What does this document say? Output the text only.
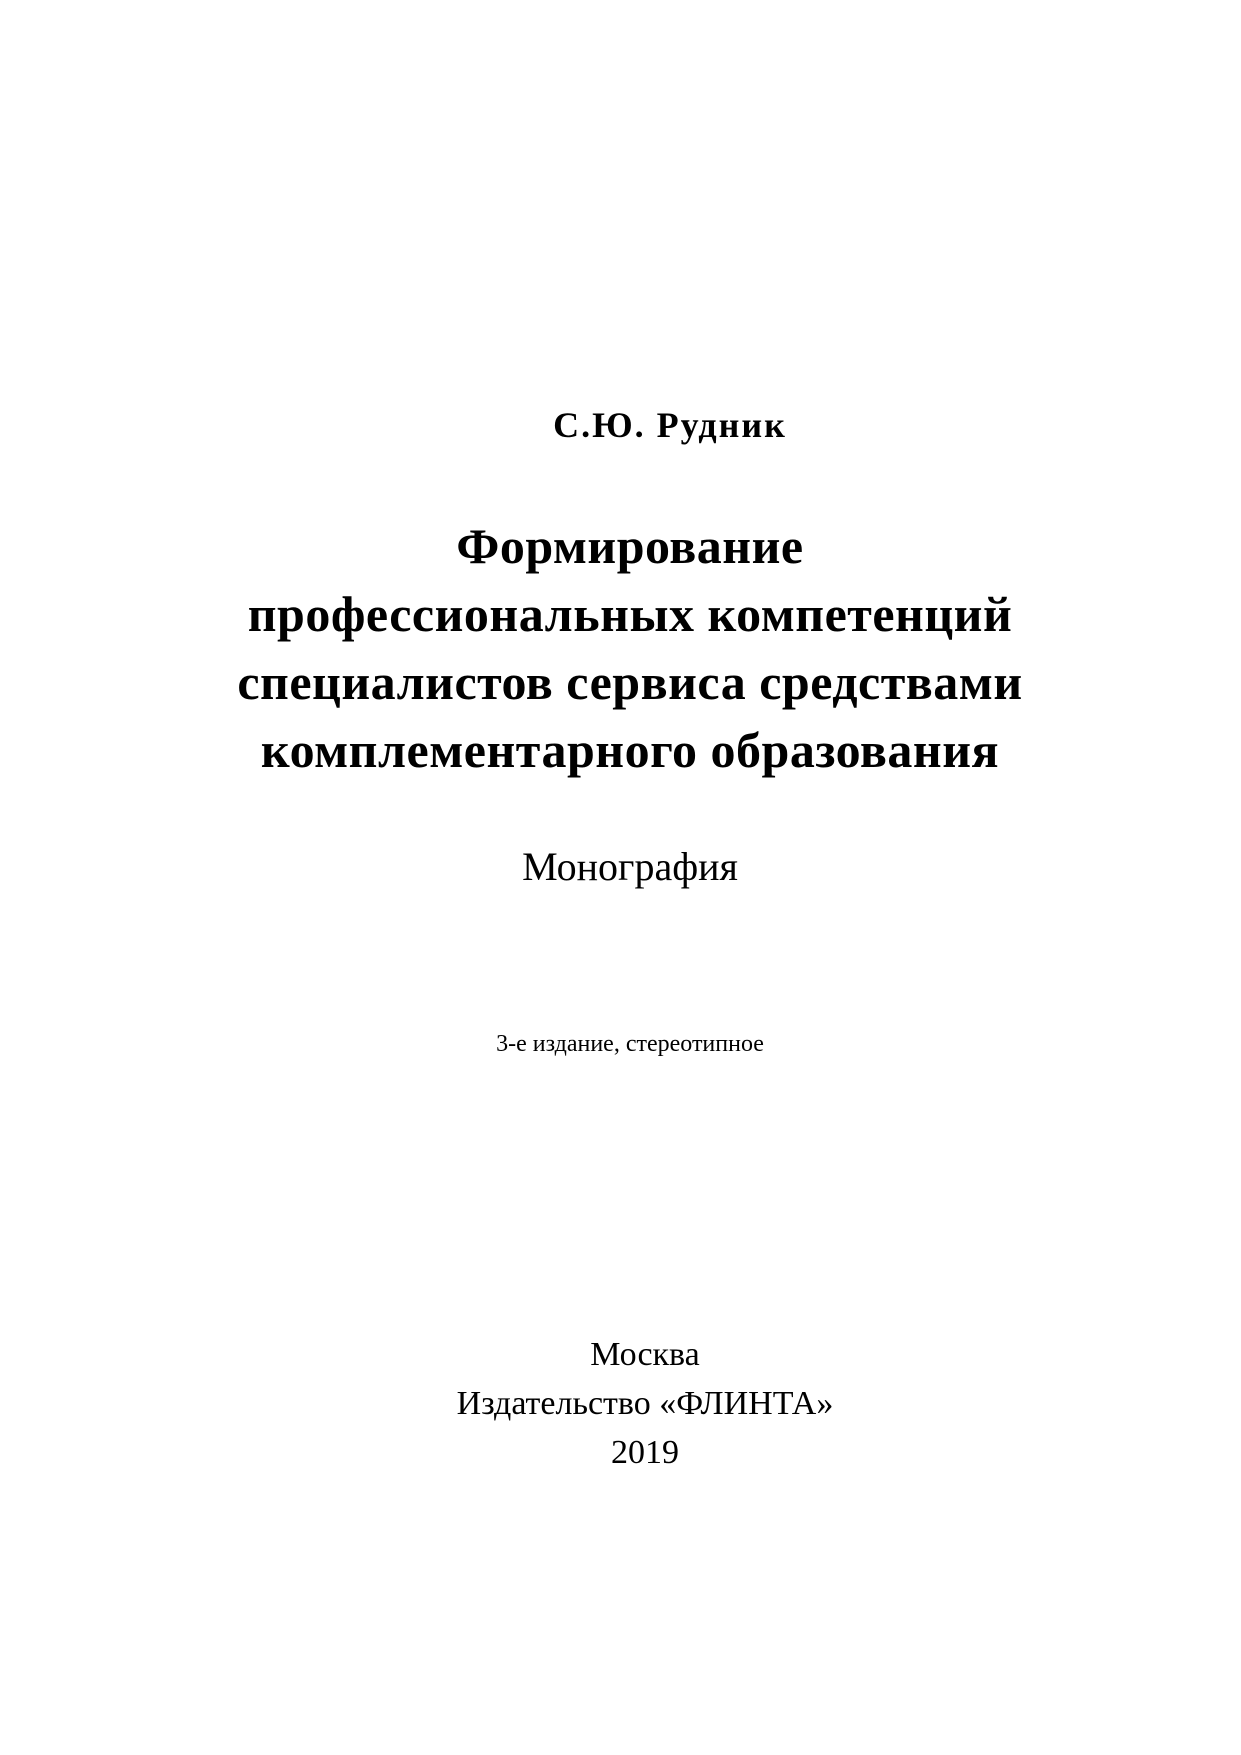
С.Ю. Рудник
Формирование
профессиональных компетенций
специалистов сервиса средствами
комплементарного образования
Монография
3-е издание, стереотипное
Москва
Издательство «ФЛИНТА»
2019
